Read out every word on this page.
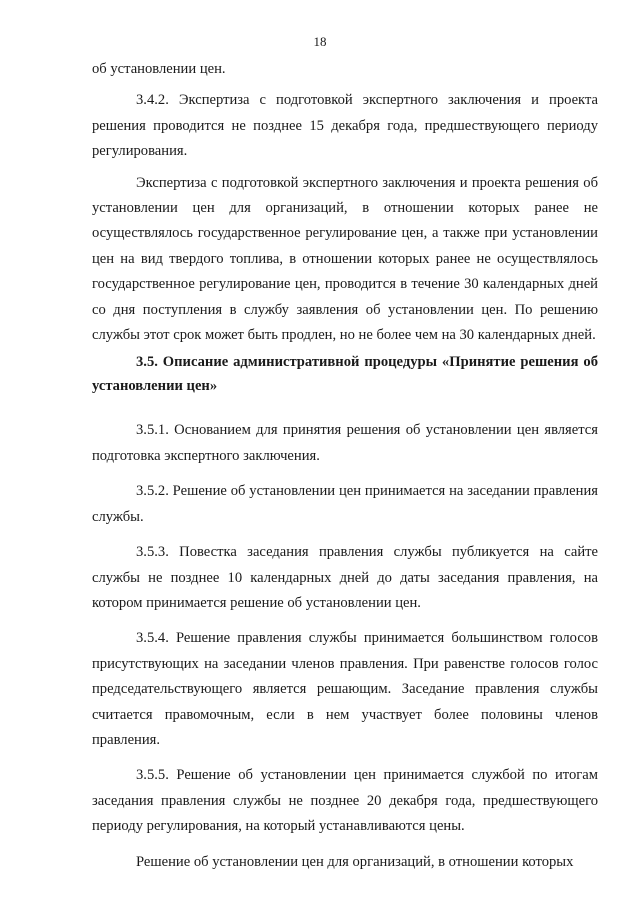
18

об установлении цен.

3.4.2. Экспертиза с подготовкой экспертного заключения и проекта решения проводится не позднее 15 декабря года, предшествующего периоду регулирования.

Экспертиза с подготовкой экспертного заключения и проекта решения об установлении цен для организаций, в отношении которых ранее не осуществлялось государственное регулирование цен, а также при установлении цен на вид твердого топлива, в отношении которых ранее не осуществлялось государственное регулирование цен, проводится в течение 30 календарных дней со дня поступления в службу заявления об установлении цен. По решению службы этот срок может быть продлен, но не более чем на 30 календарных дней.

3.5. Описание административной процедуры «Принятие решения об установлении цен»

3.5.1. Основанием для принятия решения об установлении цен является подготовка экспертного заключения.

3.5.2. Решение об установлении цен принимается на заседании правления службы.

3.5.3. Повестка заседания правления службы публикуется на сайте службы не позднее 10 календарных дней до даты заседания правления, на котором принимается решение об установлении цен.

3.5.4. Решение правления службы принимается большинством голосов присутствующих на заседании членов правления. При равенстве голосов голос председательствующего является решающим. Заседание правления службы считается правомочным, если в нем участвует более половины членов правления.

3.5.5. Решение об установлении цен принимается службой по итогам заседания правления службы не позднее 20 декабря года, предшествующего периоду регулирования, на который устанавливаются цены.

Решение об установлении цен для организаций, в отношении которых
